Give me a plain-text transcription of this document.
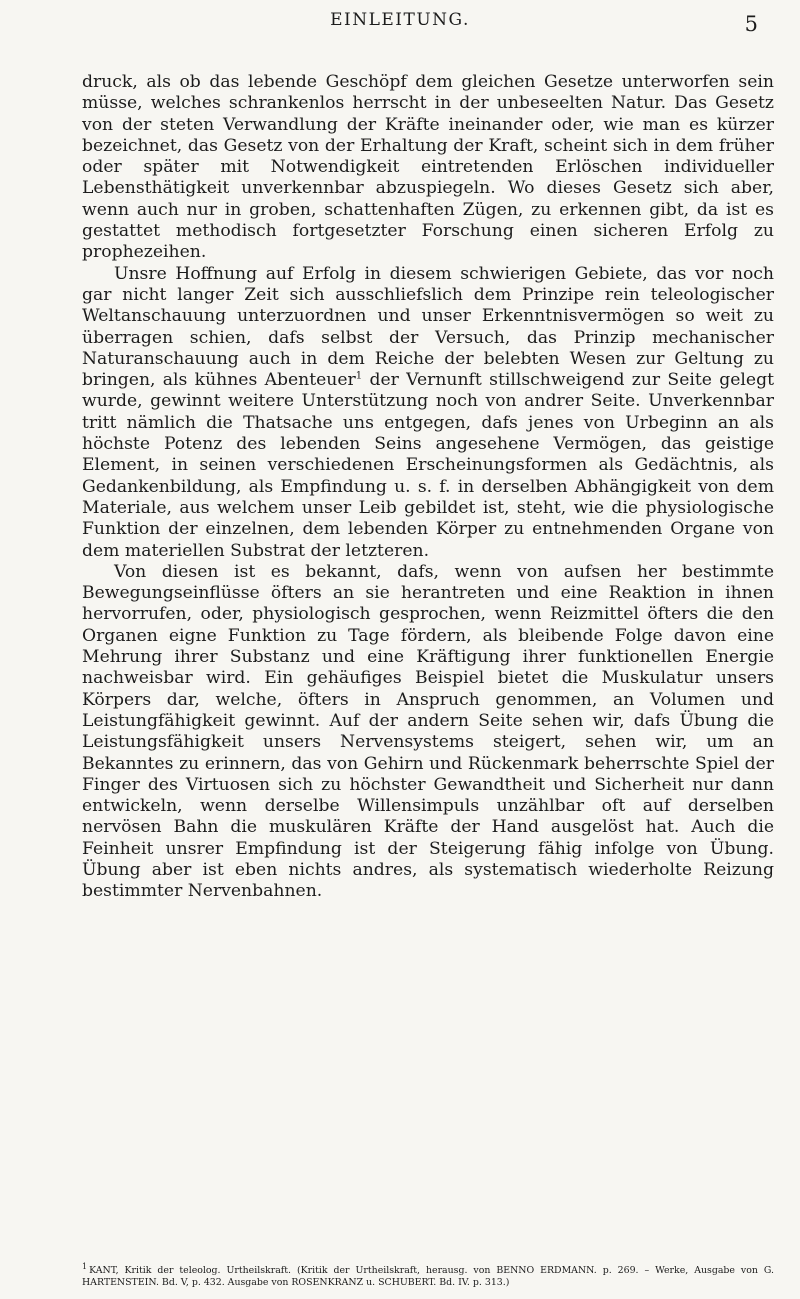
EINLEITUNG.	5

druck, als ob das lebende Geschöpf dem gleichen Gesetze unterworfen sein müsse, welches schrankenlos herrscht in der unbeseelten Natur. Das Gesetz von der steten Verwandlung der Kräfte ineinander oder, wie man es kürzer bezeichnet, das Gesetz von der Erhaltung der Kraft, scheint sich in dem früher oder später mit Notwendigkeit eintretenden Erlöschen individueller Lebensthätigkeit unverkennbar abzuspiegeln. Wo dieses Gesetz sich aber, wenn auch nur in groben, schattenhaften Zügen, zu erkennen gibt, da ist es gestattet methodisch fortgesetzter Forschung einen sicheren Erfolg zu prophezeihen.

Unsre Hoffnung auf Erfolg in diesem schwierigen Gebiete, das vor noch gar nicht langer Zeit sich ausschliefslich dem Prinzipe rein teleologischer Weltanschauung unterzuordnen und unser Erkenntnisvermögen so weit zu überragen schien, dafs selbst der Versuch, das Prinzip mechanischer Naturanschauung auch in dem Reiche der belebten Wesen zur Geltung zu bringen, als kühnes Abenteuer$^1$ der Vernunft stillschweigend zur Seite gelegt wurde, gewinnt weitere Unterstützung noch von andrer Seite. Unverkennbar tritt nämlich die Thatsache uns entgegen, dafs jenes von Urbeginn an als höchste Potenz des lebenden Seins angesehene Vermögen, das geistige Element, in seinen verschiedenen Erscheinungsformen als Gedächtnis, als Gedankenbildung, als Empfindung u. s. f. in derselben Abhängigkeit von dem Materiale, aus welchem unser Leib gebildet ist, steht, wie die physiologische Funktion der einzelnen, dem lebenden Körper zu entnehmenden Organe von dem materiellen Substrat der letzteren.

Von diesen ist es bekannt, dafs, wenn von aufsen her bestimmte Bewegungseinflüsse öfters an sie herantreten und eine Reaktion in ihnen hervorrufen, oder, physiologisch gesprochen, wenn Reizmittel öfters die den Organen eigne Funktion zu Tage fördern, als bleibende Folge davon eine Mehrung ihrer Substanz und eine Kräftigung ihrer funktionellen Energie nachweisbar wird. Ein gehäufiges Beispiel bietet die Muskulatur unsers Körpers dar, welche, öfters in Anspruch genommen, an Volumen und Leistungfähigkeit gewinnt. Auf der andern Seite sehen wir, dafs Übung die Leistungsfähigkeit unsers Nervensystems steigert, sehen wir, um an Bekanntes zu erinnern, das von Gehirn und Rückenmark beherrschte Spiel der Finger des Virtuosen sich zu höchster Gewandtheit und Sicherheit nur dann entwickeln, wenn derselbe Willensimpuls unzählbar oft auf derselben nervösen Bahn die muskulären Kräfte der Hand ausgelöst hat. Auch die Feinheit unsrer Empfindung ist der Steigerung fähig infolge von Übung. Übung aber ist eben nichts andres, als systematisch wiederholte Reizung bestimmter Nervenbahnen.

1 KANT, Kritik der teleolog. Urtheilskraft. (Kritik der Urtheilskraft, herausg. von BENNO ERDMANN. p. 269. – Werke, Ausgabe von G. HARTENSTEIN. Bd. V, p. 432. Ausgabe von ROSENKRANZ u. SCHUBERT. Bd. IV. p. 313.)
